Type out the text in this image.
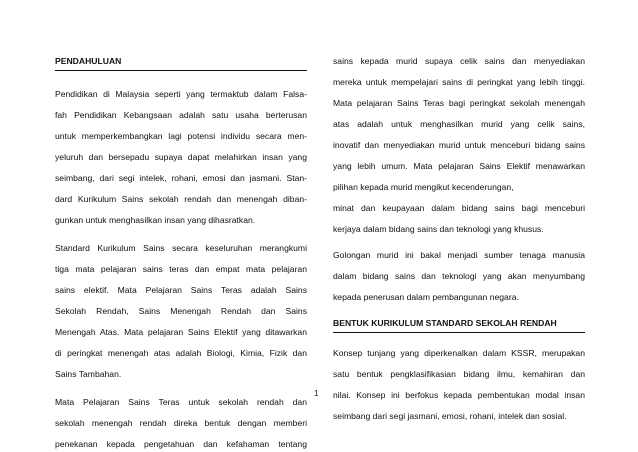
PENDAHULUAN
Pendidikan di Malaysia seperti yang termaktub dalam Falsa-
fah Pendidikan Kebangsaan adalah satu usaha berterusan
untuk memperkembangkan lagi potensi individu secara men-
yeluruh dan bersepadu supaya dapat melahirkan insan yang
seimbang, dari segi intelek, rohani, emosi dan jasmani. Stan-
dard Kurikulum Sains sekolah rendah dan menengah diban-
gunkan untuk menghasilkan insan yang dihasratkan.
Standard Kurikulum Sains secara keseluruhan merangkumi
tiga mata pelajaran sains teras dan empat mata pelajaran
sains elektif. Mata Pelajaran Sains Teras adalah Sains
Sekolah Rendah, Sains Menengah Rendah dan Sains
Menengah Atas. Mata pelajaran Sains Elektif yang ditawarkan
di peringkat menengah atas adalah Biologi, Kimia, Fizik dan
Sains Tambahan.
Mata Pelajaran Sains Teras untuk sekolah rendah dan
sekolah menengah rendah direka bentuk dengan memberi
penekanan kepada pengetahuan dan kefahaman tentang
sains kepada murid supaya celik sains dan menyediakan
mereka untuk mempelajari sains di peringkat yang lebih tinggi.
Mata pelajaran Sains Teras bagi peringkat sekolah menengah
atas adalah untuk menghasilkan murid yang celik sains,
inovatif dan menyediakan murid untuk menceburi bidang sains
yang lebih umum. Mata pelajaran Sains Elektif menawarkan
pilihan kepada murid mengikut kecenderungan,
minat dan keupayaan dalam bidang sains bagi menceburi
kerjaya dalam bidang sains dan teknologi yang khusus.
Golongan murid ini bakal menjadi sumber tenaga manusia
dalam bidang sains dan teknologi yang akan menyumbang
kepada penerusan dalam pembangunan negara.
BENTUK KURIKULUM STANDARD SEKOLAH RENDAH
Konsep tunjang yang diperkenalkan dalam KSSR, merupakan
satu bentuk pengklasifikasian bidang ilmu, kemahiran dan
nilai. Konsep ini berfokus kepada pembentukan modal insan
seimbang dari segi jasmani, emosi, rohani, intelek dan sosial.
1
